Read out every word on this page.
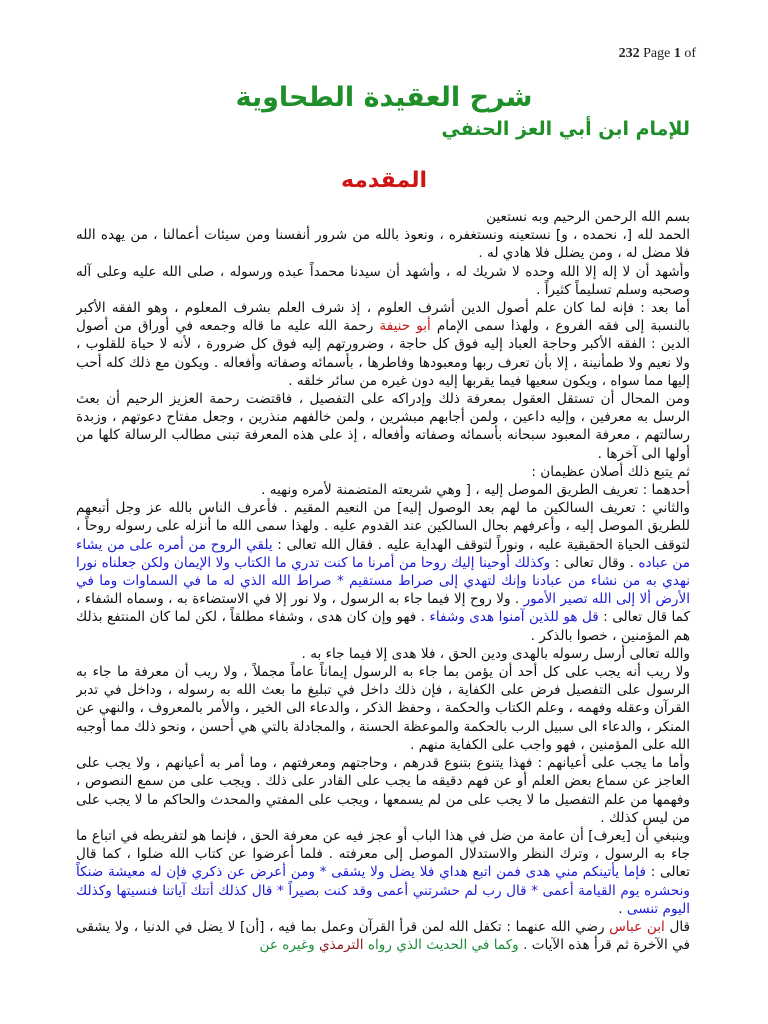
232 Page 1 of
شرح العقيدة الطحاوية
للإمام ابن أبي العز الحنفي
المقدمه

بسم الله الرحمن الرحيم وبه نستعين

الحمد لله [، نحمده ، و] نستعينه ونستغفره ، ونعوذ بالله من شرور أنفسنا ومن سيئات أعمالنا ، من يهده الله فلا مضل له ، ومن يضلل فلا هادي له .

وأشهد أن لا إله إلا الله وحده لا شريك له ، وأشهد أن سيدنا محمداً عبده ورسوله ، صلى الله عليه وعلى آله وصحبه وسلم تسليماً كثيراً .

أما بعد : فإنه لما كان علم أصول الدين أشرف العلوم ، إذ شرف العلم بشرف المعلوم ، وهو الفقه الأكبر بالنسبة إلى فقه الفروع ، ولهذا سمى الإمام أبو حنيفة رحمة الله عليه ما قاله وجمعه في أوراق من أصول الدين : الفقه الأكبر وحاجة العباد إليه فوق كل حاجة ، وضرورتهم إليه فوق كل ضرورة ، لأنه لا حياة للقلوب ، ولا نعيم ولا طمأنينة ، إلا بأن تعرف ربها ومعبودها وفاطرها ، بأسمائه وصفاته وأفعاله . ويكون مع ذلك كله أحب إليها مما سواه ، ويكون سعيها فيما يقربها إليه دون غيره من سائر خلقه .

ومن المحال أن تستقل العقول بمعرفة ذلك وإدراكه على التفصيل ، فاقتضت رحمة العزيز الرحيم أن بعث الرسل به معرفين ، وإليه داعين ، ولمن أجابهم مبشرين ، ولمن خالفهم منذرين ، وجعل مفتاح دعوتهم ، وزبدة رسالتهم ، معرفة المعبود سبحانه بأسمائه وصفاته وأفعاله ، إذ على هذه المعرفة تبنى مطالب الرسالة كلها من أولها الى آخرها .

ثم يتبع ذلك أصلان عظيمان :

أحدهما : تعريف الطريق الموصل إليه ، [ وهي شريعته المتضمنة لأمره ونهيه .

والثاني : تعريف السالكين ما لهم بعد الوصول إليه] من النعيم المقيم . فأعرف الناس بالله عز وجل أتبعهم للطريق الموصل إليه ، وأعرفهم بحال السالكين عند القدوم عليه . ولهذا سمى الله ما أنزله على رسوله روحاً ، لتوقف الحياة الحقيقية عليه ، ونوراً لتوقف الهداية عليه . فقال الله تعالى : يلقي الروح من أمره على من يشاء من عباده . وقال تعالى : وكذلك أوحينا إليك روحا من أمرنا ما كنت تدري ما الكتاب ولا الإيمان ولكن جعلناه نورا نهدي به من نشاء من عبادنا وإنك لتهدي إلى صراط مستقيم * صراط الله الذي له ما في السماوات وما في الأرض ألا إلى الله تصير الأمور . ولا روح إلا فيما جاء به الرسول ، ولا نور إلا في الاستضاءة به ، وسماه الشفاء ، كما قال تعالى : قل هو للذين آمنوا هدى وشفاء . فهو وإن كان هدى ، وشفاء مطلقاً ، لكن لما كان المنتفع بذلك هم المؤمنين ، خصوا بالذكر .

والله تعالى أرسل رسوله بالهدى ودين الحق ، فلا هدى إلا فيما جاء به .

ولا ريب أنه يجب على كل أحد أن يؤمن بما جاء به الرسول إيماناً عاماً مجملاً ، ولا ريب أن معرفة ما جاء به الرسول على التفصيل فرض على الكفاية ، فإن ذلك داخل في تبليغ ما بعث الله به رسوله ، وداخل في تدبر القرآن وعقله وفهمه ، وعلم الكتاب والحكمة ، وحفظ الذكر ، والدعاء الى الخير ، والأمر بالمعروف ، والنهي عن المنكر ، والدعاء الى سبيل الرب بالحكمة والموعظة الحسنة ، والمجادلة بالتي هي أحسن ، ونحو ذلك مما أوجبه الله على المؤمنين ، فهو واجب على الكفاية منهم .

وأما ما يجب على أعيانهم : فهذا يتنوع بتنوع قدرهم ، وحاجتهم ومعرفتهم ، وما أمر به أعيانهم ، ولا يجب على العاجز عن سماع بعض العلم أو عن فهم دقيقه ما يجب على القادر على ذلك . ويجب على من سمع النصوص ، وفهمها من علم التفصيل ما لا يجب على من لم يسمعها ، ويجب على المفتي والمحدث والحاكم ما لا يجب على من ليس كذلك .

وينبغي أن [يعرف] أن عامة من ضل في هذا الباب أو عجز فيه عن معرفة الحق ، فإنما هو لتفريطه في اتباع ما جاء به الرسول ، وترك النظر والاستدلال الموصل إلى معرفته . فلما أعرضوا عن كتاب الله ضلوا ، كما قال تعالى : فإما يأتينكم مني هدى فمن اتبع هداي فلا يضل ولا يشقى * ومن أعرض عن ذكري فإن له معيشة ضنكاً ونحشره يوم القيامة أعمى * قال رب لم حشرتني أعمى وقد كنت بصيراً * قال كذلك أتتك آياتنا فنسيتها وكذلك اليوم تنسى .

قال ابن عباس رضي الله عنهما : تكفل الله لمن قرأ القرآن وعمل بما فيه ، [أن] لا يضل في الدنيا ، ولا يشقى في الآخرة ثم قرأ هذه الآيات . وكما في الحديث الذي رواه الترمذي وغيره عن
